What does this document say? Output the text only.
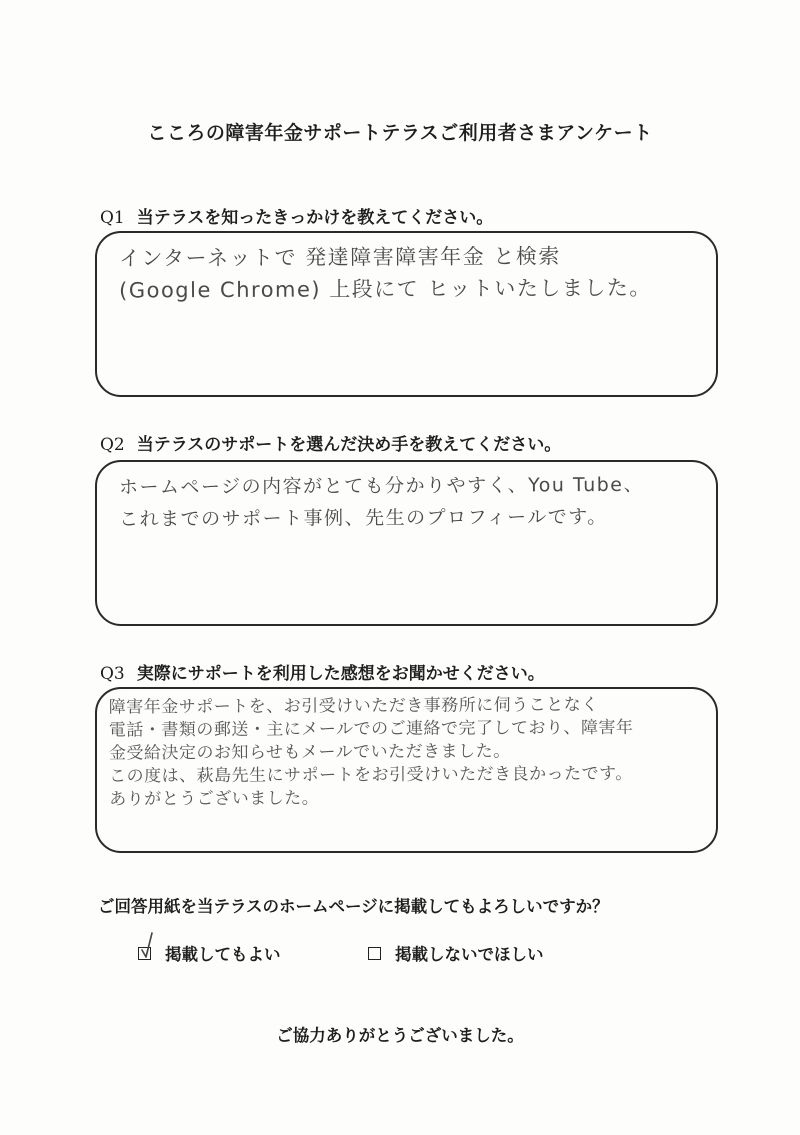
こころの障害年金サポートテラスご利用者さまアンケート
Q1 当テラスを知ったきっかけを教えてください。
インターネットで 発達障害障害年金 と検索
(Google Chrome) 上段にて ヒットいたしました。
Q2 当テラスのサポートを選んだ決め手を教えてください。
ホームページの内容がとても分かりやすく、You Tube、
これまでのサポート事例、先生のプロフィールです。
Q3 実際にサポートを利用した感想をお聞かせください。
障害年金サポートを、お引受けいただき事務所に伺うことなく
電話・書類の郵送・主にメールでのご連絡で完了しており、障害年
金受給決定のお知らせもメールでいただきました。
この度は、萩島先生にサポートをお引受けいただき良かったです。
ありがとうございました。
ご回答用紙を当テラスのホームページに掲載してもよろしいですか？
掲載してもよい	掲載しないでほしい
ご協力ありがとうございました。
